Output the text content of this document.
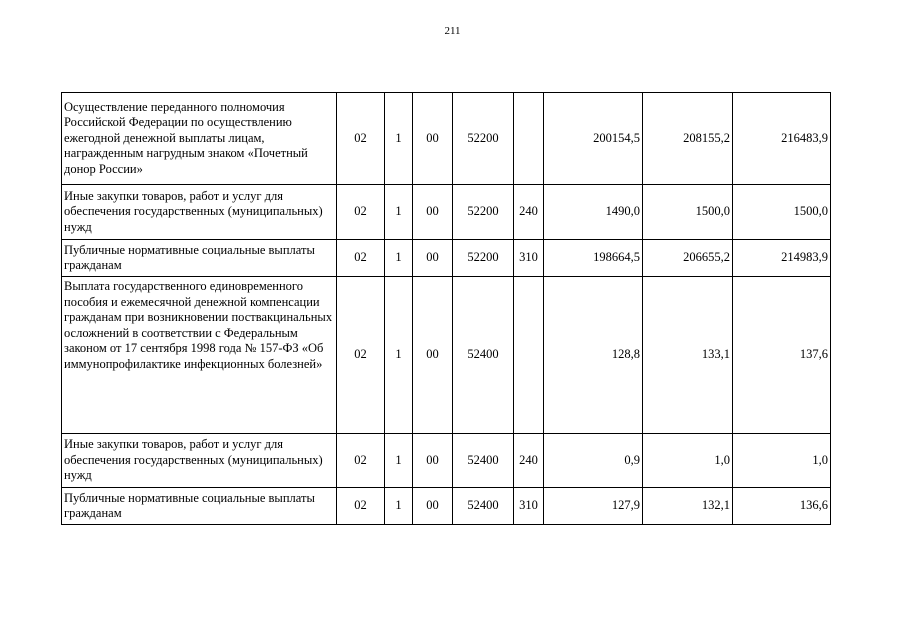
211
Осуществление переданного полномочия Российской Федерации по осуществлению ежегодной денежной выплаты лицам, награжденным нагрудным знаком «Почетный донор России»	02	1	00	52200		200154,5	208155,2	216483,9
Иные закупки товаров, работ и услуг для обеспечения государственных (муниципальных) нужд	02	1	00	52200	240	1490,0	1500,0	1500,0
Публичные нормативные социальные выплаты гражданам	02	1	00	52200	310	198664,5	206655,2	214983,9
Выплата государственного единовременного пособия и ежемесячной денежной компенсации гражданам при возникновении поствакцинальных осложнений в соответствии с Федеральным законом от 17 сентября 1998 года № 157-ФЗ «Об иммунопрофилактике инфекционных болезней»	02	1	00	52400		128,8	133,1	137,6
Иные закупки товаров, работ и услуг для обеспечения государственных (муниципальных) нужд	02	1	00	52400	240	0,9	1,0	1,0
Публичные нормативные социальные выплаты гражданам	02	1	00	52400	310	127,9	132,1	136,6
